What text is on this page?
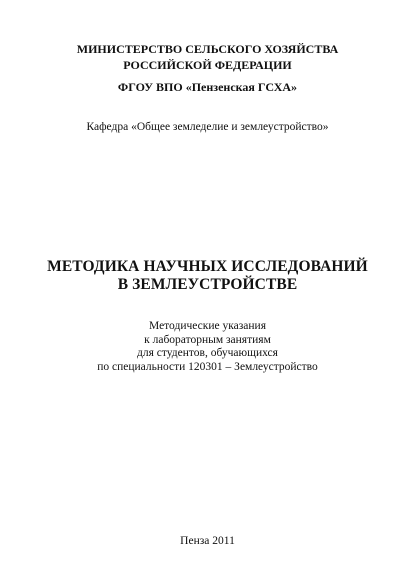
МИНИСТЕРСТВО СЕЛЬСКОГО ХОЗЯЙСТВА
РОССИЙСКОЙ ФЕДЕРАЦИИ
ФГОУ ВПО «Пензенская ГСХА»
Кафедра «Общее земледелие и землеустройство»
МЕТОДИКА НАУЧНЫХ ИССЛЕДОВАНИЙ
В ЗЕМЛЕУСТРОЙСТВЕ
Методические указания
к лабораторным занятиям
для студентов, обучающихся
по специальности 120301 – Землеустройство
Пенза 2011
